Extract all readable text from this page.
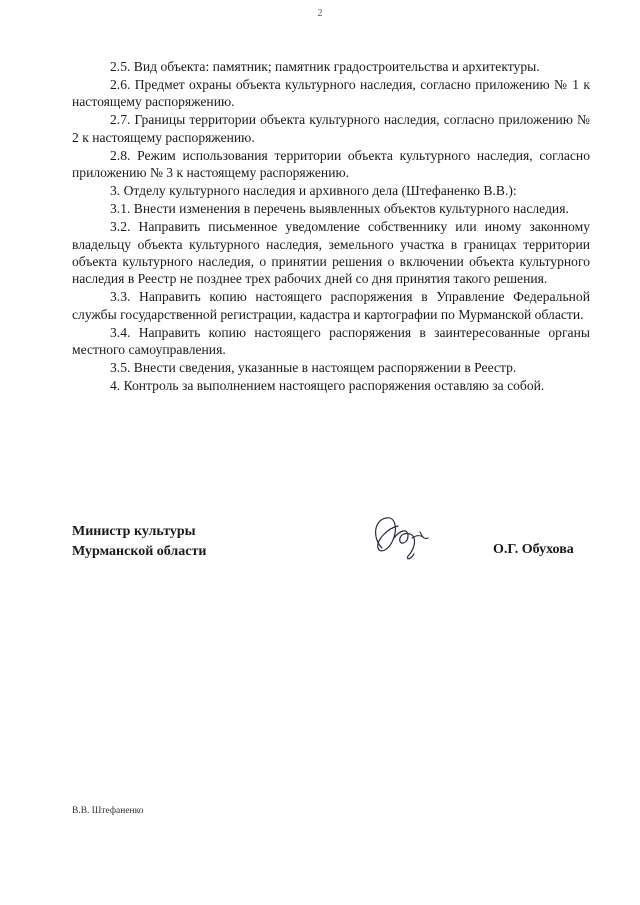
2

2.5. Вид объекта: памятник; памятник градостроительства и архитектуры.

2.6. Предмет охраны объекта культурного наследия, согласно приложению № 1 к настоящему распоряжению.

2.7. Границы территории объекта культурного наследия, согласно приложению № 2 к настоящему распоряжению.

2.8. Режим использования территории объекта культурного наследия, согласно приложению № 3 к настоящему распоряжению.

3. Отделу культурного наследия и архивного дела (Штефаненко В.В.):

3.1. Внести изменения в перечень выявленных объектов культурного наследия.

3.2. Направить письменное уведомление собственнику или иному законному владельцу объекта культурного наследия, земельного участка в границах территории объекта культурного наследия, о принятии решения о включении объекта культурного наследия в Реестр не позднее трех рабочих дней со дня принятия такого решения.

3.3. Направить копию настоящего распоряжения в Управление Федеральной службы государственной регистрации, кадастра и картографии по Мурманской области.

3.4. Направить копию настоящего распоряжения в заинтересованные органы местного самоуправления.

3.5. Внести сведения, указанные в настоящем распоряжении в Реестр.

4. Контроль за выполнением настоящего распоряжения оставляю за собой.

Министр культуры
Мурманской области	О.Г. Обухова
В.В. Штефаненко
